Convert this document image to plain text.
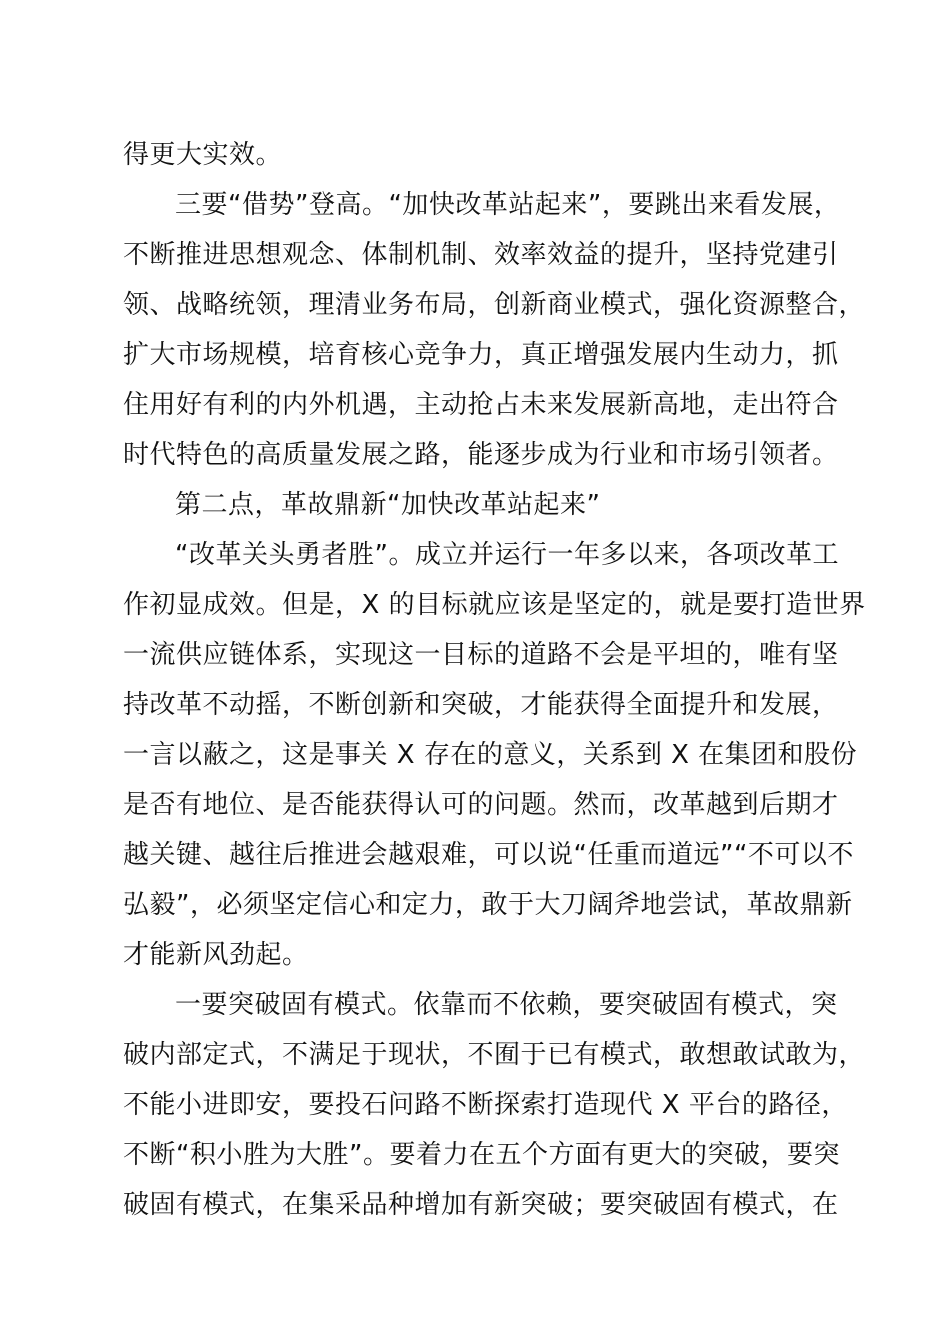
得更大实效。
三要“借势”登高。“加快改革站起来”，要跳出来看发展，
不断推进思想观念、体制机制、效率效益的提升，坚持党建引
领、战略统领，理清业务布局，创新商业模式，强化资源整合，
扩大市场规模，培育核心竞争力，真正增强发展内生动力，抓
住用好有利的内外机遇，主动抢占未来发展新高地，走出符合
时代特色的高质量发展之路，能逐步成为行业和市场引领者。
第二点，革故鼎新“加快改革站起来”
“改革关头勇者胜”。成立并运行一年多以来，各项改革工
作初显成效。但是，X 的目标就应该是坚定的，就是要打造世界
一流供应链体系，实现这一目标的道路不会是平坦的，唯有坚
持改革不动摇，不断创新和突破，才能获得全面提升和发展，
一言以蔽之，这是事关 X 存在的意义，关系到 X 在集团和股份
是否有地位、是否能获得认可的问题。然而，改革越到后期才
越关键、越往后推进会越艰难，可以说“任重而道远”“不可以不
弘毅”，必须坚定信心和定力，敢于大刀阔斧地尝试，革故鼎新
才能新风劲起。
一要突破固有模式。依靠而不依赖，要突破固有模式，突
破内部定式，不满足于现状，不囿于已有模式，敢想敢试敢为，
不能小进即安，要投石问路不断探索打造现代 X 平台的路径，
不断“积小胜为大胜”。要着力在五个方面有更大的突破，要突
破固有模式，在集采品种增加有新突破；要突破固有模式，在
